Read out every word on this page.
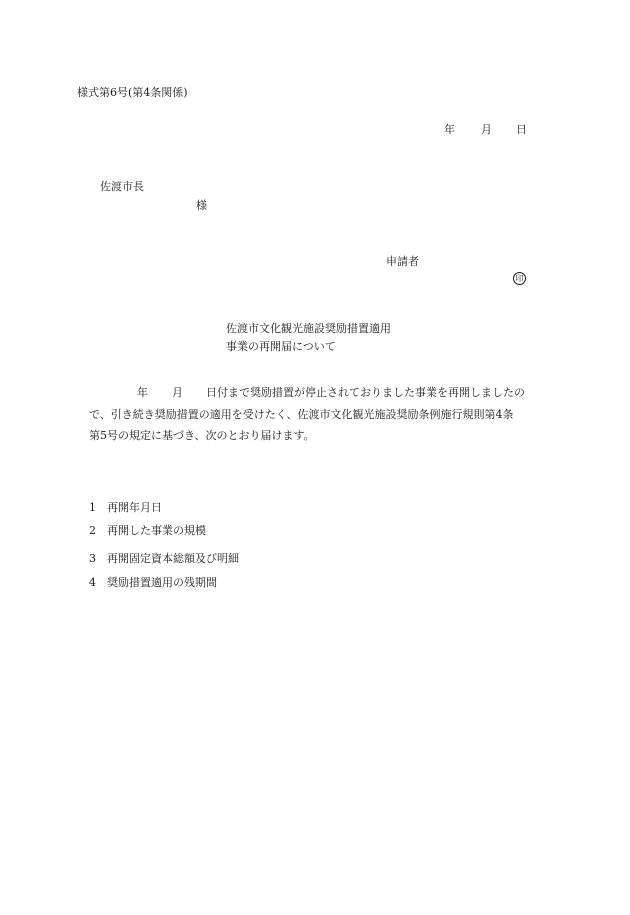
様式第6号(第4条関係)
年 月 日
佐渡市長
様
申請者
印
佐渡市文化観光施設奨励措置適用
事業の再開届について
年 月 日付まで奨励措置が停止されておりました事業を再開しましたの
で、引き続き奨励措置の適用を受けたく、佐渡市文化観光施設奨励条例施行規則第4条
第5号の規定に基づき、次のとおり届けます。
1 再開年月日
2 再開した事業の規模
3 再開固定資本総額及び明細
4 奨励措置適用の残期間
